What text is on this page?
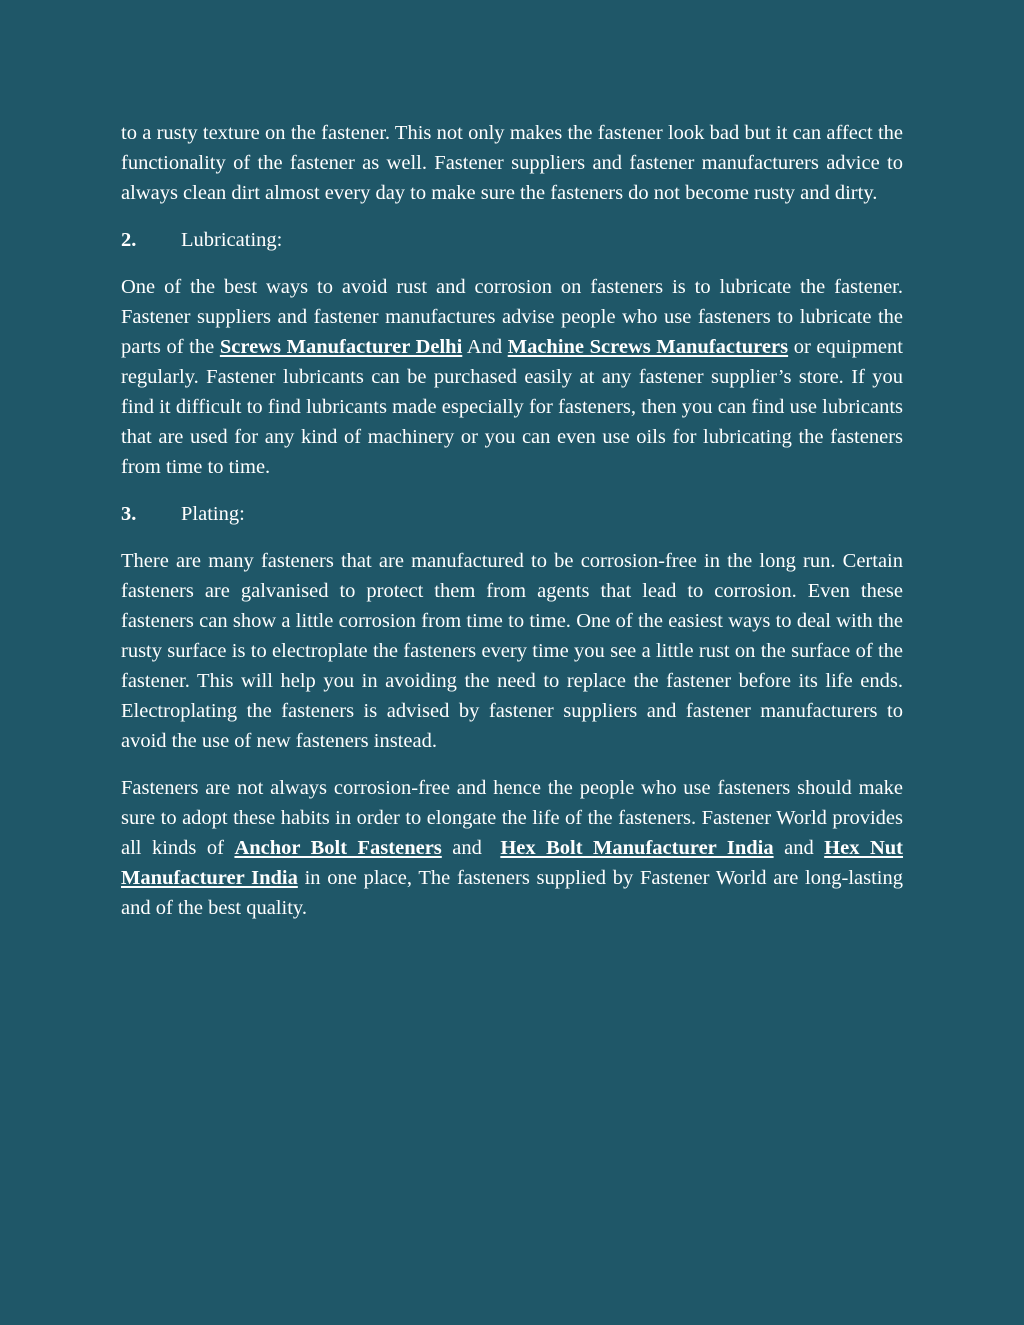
to a rusty texture on the fastener. This not only makes the fastener look bad but it can affect the functionality of the fastener as well. Fastener suppliers and fastener manufacturers advice to always clean dirt almost every day to make sure the fasteners do not become rusty and dirty.

2.	Lubricating:

One of the best ways to avoid rust and corrosion on fasteners is to lubricate the fastener. Fastener suppliers and fastener manufactures advise people who use fasteners to lubricate the parts of the Screws Manufacturer Delhi And Machine Screws Manufacturers or equipment regularly. Fastener lubricants can be purchased easily at any fastener supplier’s store. If you find it difficult to find lubricants made especially for fasteners, then you can find use lubricants that are used for any kind of machinery or you can even use oils for lubricating the fasteners from time to time.

3.	Plating:

There are many fasteners that are manufactured to be corrosion-free in the long run. Certain fasteners are galvanised to protect them from agents that lead to corrosion. Even these fasteners can show a little corrosion from time to time. One of the easiest ways to deal with the rusty surface is to electroplate the fasteners every time you see a little rust on the surface of the fastener. This will help you in avoiding the need to replace the fastener before its life ends. Electroplating the fasteners is advised by fastener suppliers and fastener manufacturers to avoid the use of new fasteners instead.

Fasteners are not always corrosion-free and hence the people who use fasteners should make sure to adopt these habits in order to elongate the life of the fasteners. Fastener World provides all kinds of Anchor Bolt Fasteners and Hex Bolt Manufacturer India and Hex Nut Manufacturer India in one place, The fasteners supplied by Fastener World are long-lasting and of the best quality.
